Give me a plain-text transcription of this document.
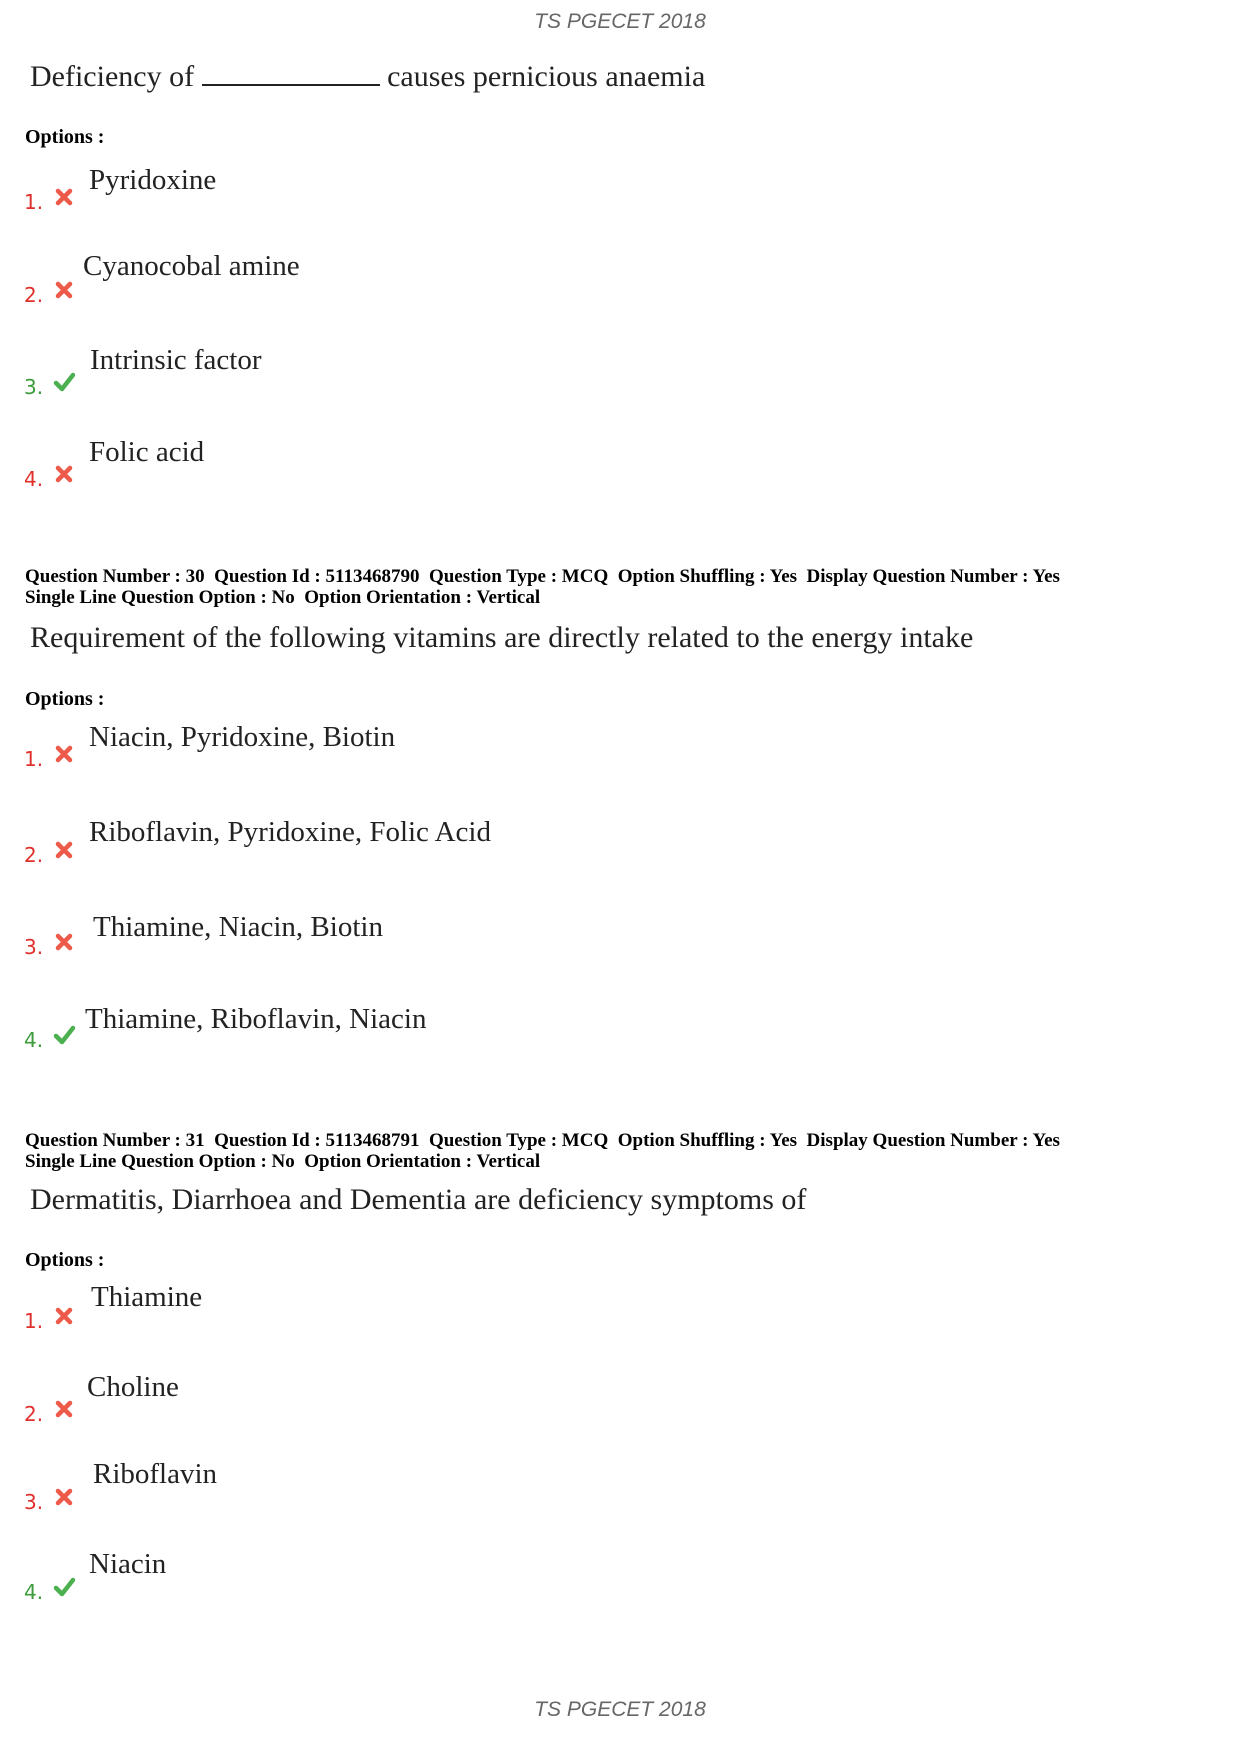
TS PGECET 2018
Deficiency of	causes pernicious anaemia
Options :
1.
Pyridoxine
2.
Cyanocobal amine
3.
Intrinsic factor
4.
Folic acid
Question Number : 30  Question Id : 5113468790  Question Type : MCQ  Option Shuffling : Yes  Display Question Number : Yes
Single Line Question Option : No  Option Orientation : Vertical
Requirement of the following vitamins are directly related to the energy intake
Options :
1.
Niacin, Pyridoxine, Biotin
2.
Riboflavin, Pyridoxine, Folic Acid
3.
Thiamine, Niacin, Biotin
4.
Thiamine, Riboflavin, Niacin
Question Number : 31  Question Id : 5113468791  Question Type : MCQ  Option Shuffling : Yes  Display Question Number : Yes
Single Line Question Option : No  Option Orientation : Vertical
Dermatitis, Diarrhoea and Dementia are deficiency symptoms of
Options :
1.
Thiamine
2.
Choline
3.
Riboflavin
4.
Niacin
TS PGECET 2018
